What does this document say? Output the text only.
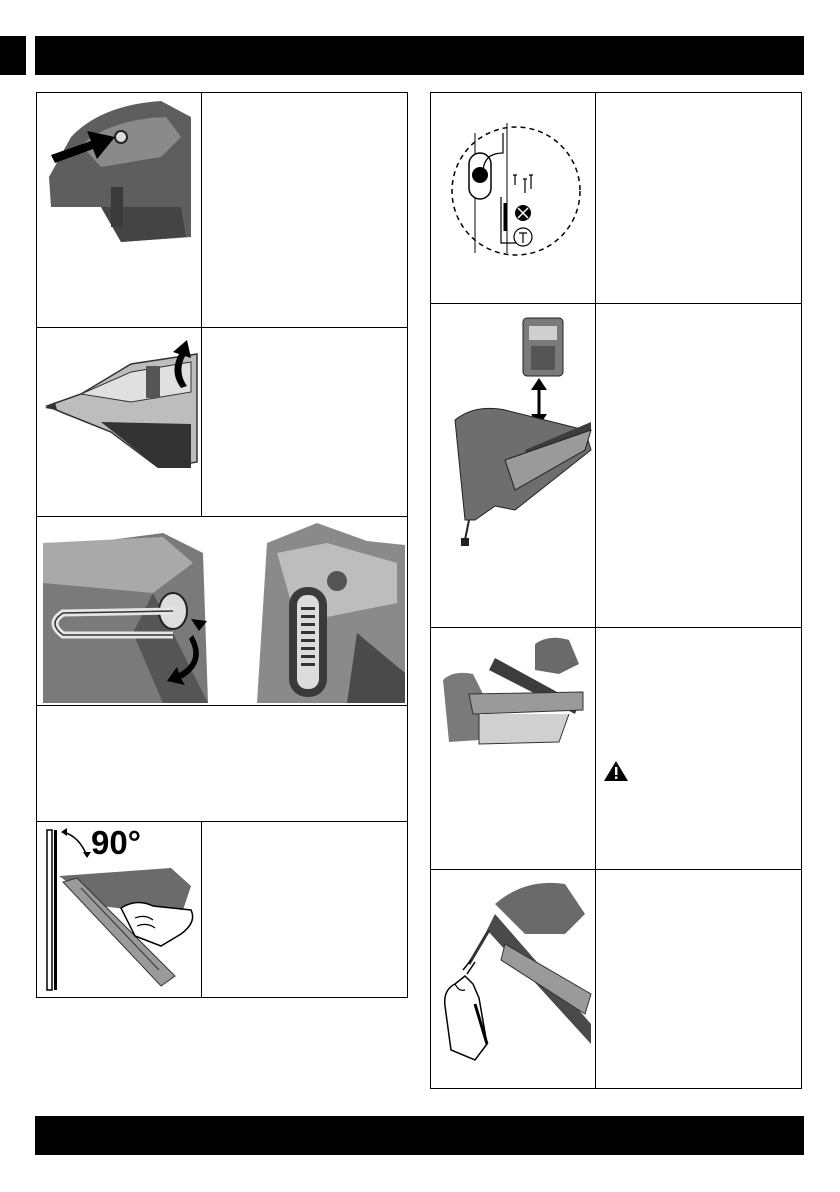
90°
